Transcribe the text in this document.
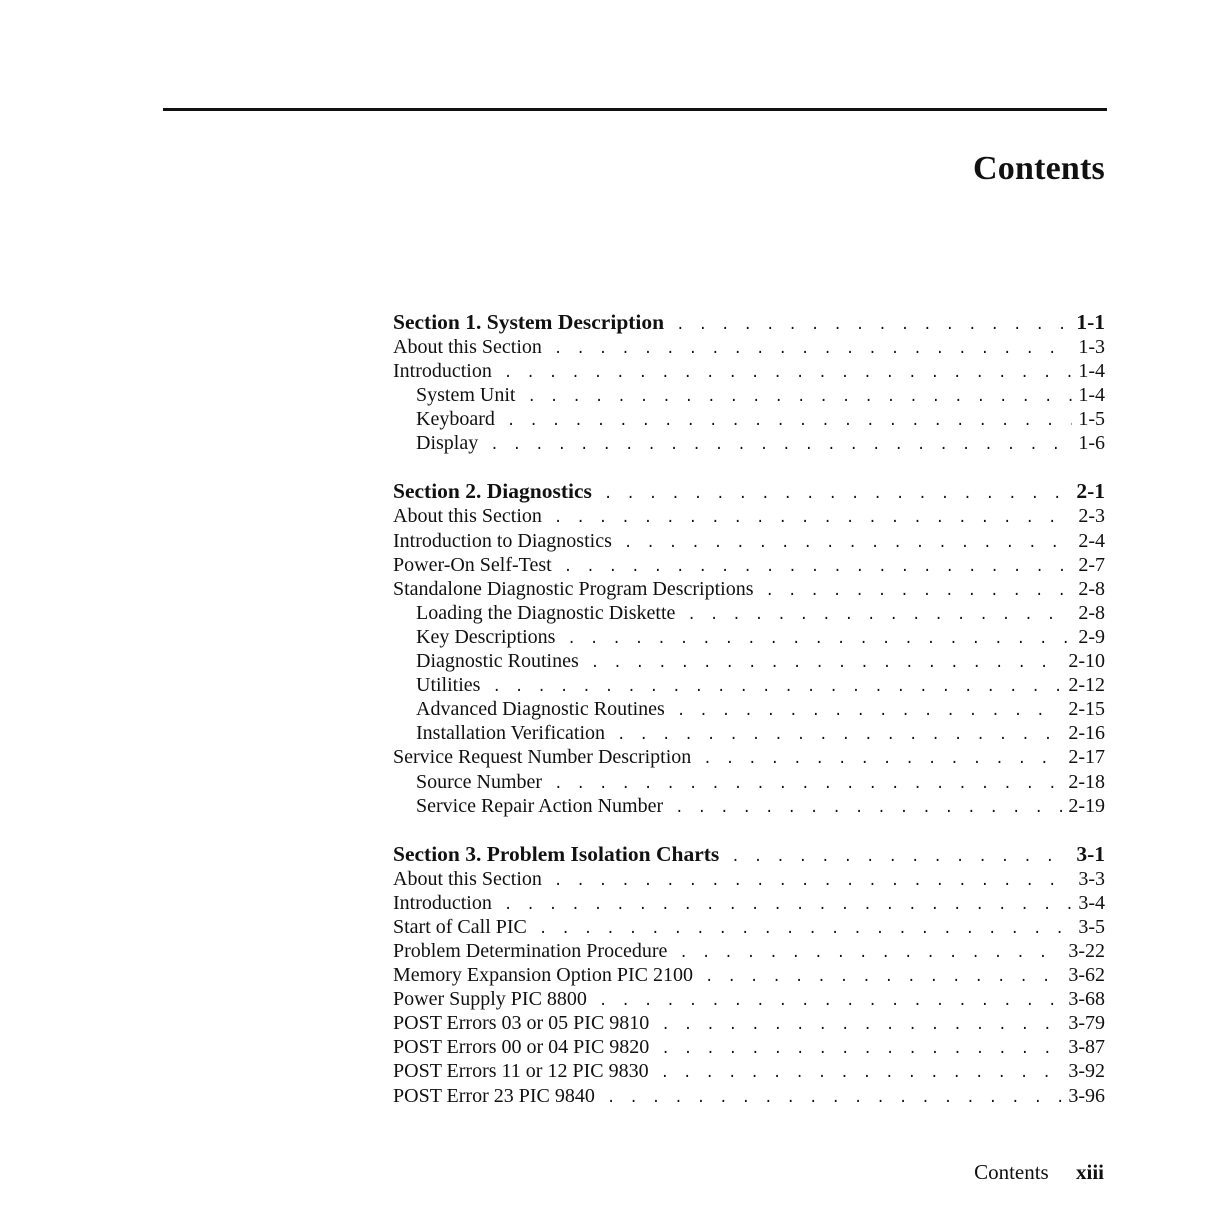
Contents
Section 1. System Description . . .	1-1
About this Section . . .	1-3
Introduction . . .	1-4
System Unit . . .	1-4
Keyboard . . .	1-5
Display . . .	1-6
Section 2. Diagnostics . . .	2-1
About this Section . . .	2-3
Introduction to Diagnostics . . .	2-4
Power-On Self-Test . . .	2-7
Standalone Diagnostic Program Descriptions . . .	2-8
Loading the Diagnostic Diskette . . .	2-8
Key Descriptions . . .	2-9
Diagnostic Routines . . .	2-10
Utilities . . .	2-12
Advanced Diagnostic Routines . . .	2-15
Installation Verification . . .	2-16
Service Request Number Description . . .	2-17
Source Number . . .	2-18
Service Repair Action Number . . .	2-19
Section 3. Problem Isolation Charts . . .	3-1
About this Section . . .	3-3
Introduction . . .	3-4
Start of Call PIC . . .	3-5
Problem Determination Procedure . . .	3-22
Memory Expansion Option PIC 2100 . . .	3-62
Power Supply PIC 8800 . . .	3-68
POST Errors 03 or 05 PIC 9810 . . .	3-79
POST Errors 00 or 04 PIC 9820 . . .	3-87
POST Errors 11 or 12 PIC 9830 . . .	3-92
POST Error 23 PIC 9840 . . .	3-96
Contents xiii
